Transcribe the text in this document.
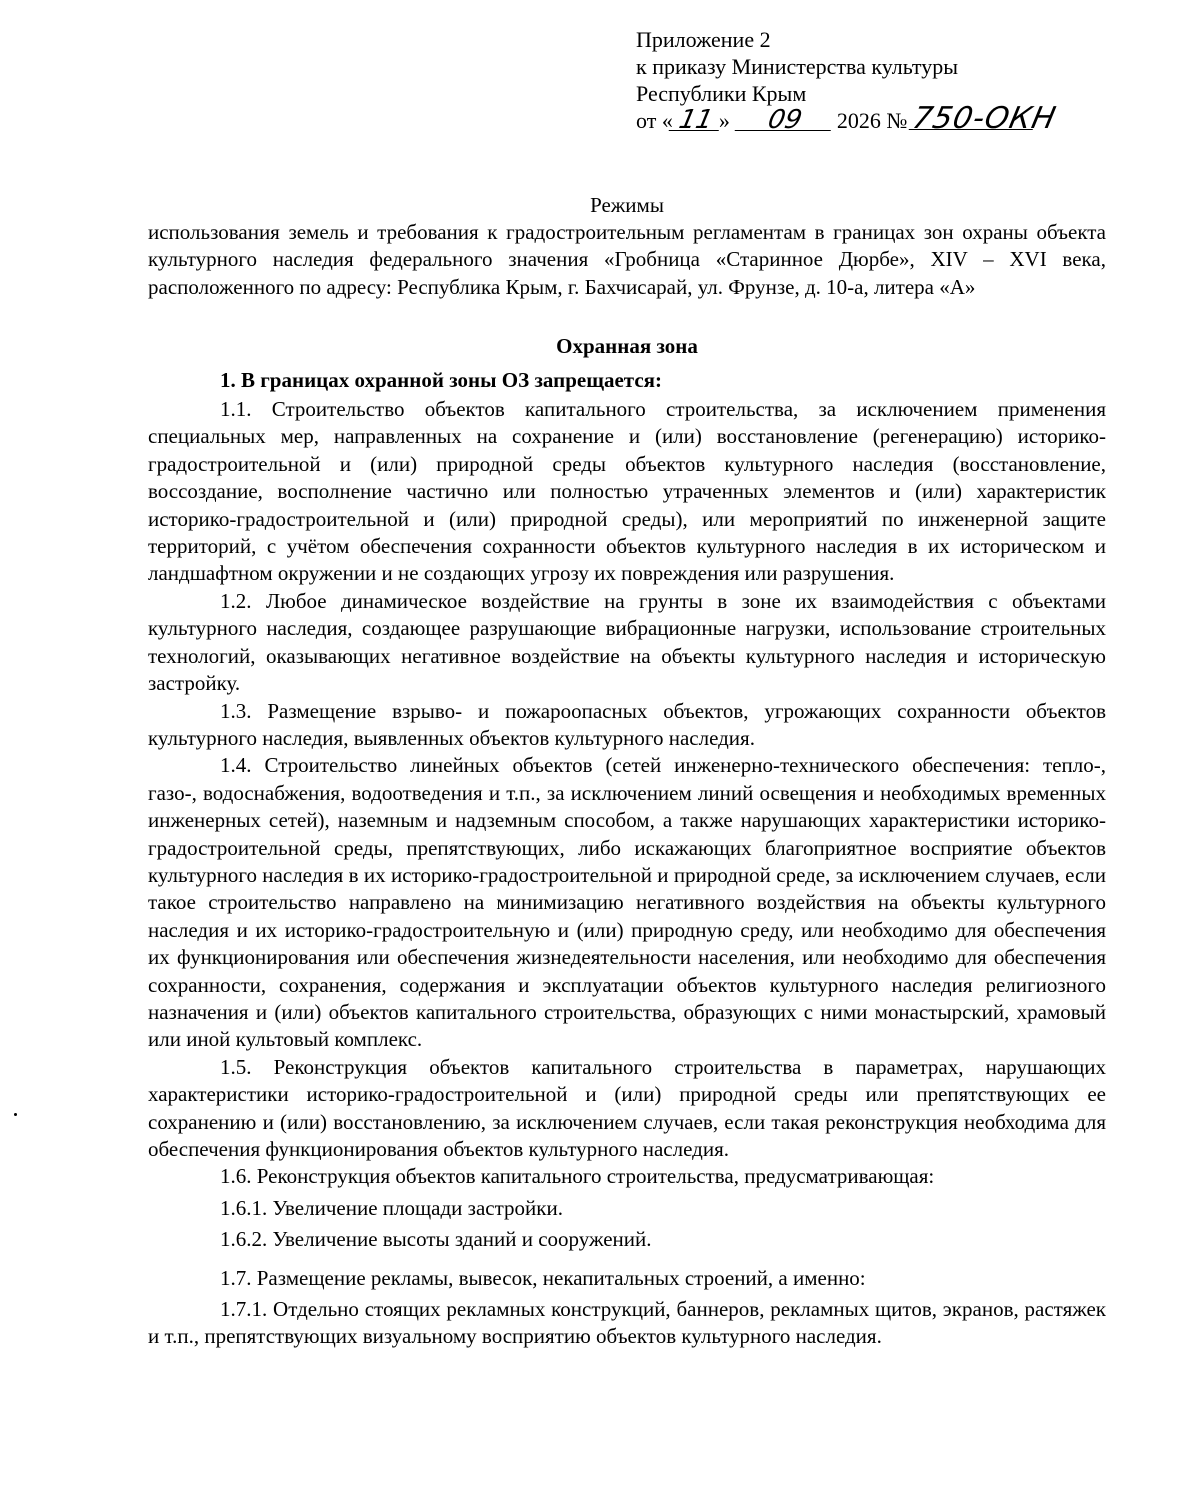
Приложение 2
к приказу Министерства культуры
Республики Крым
от « 11 » 09 2026 № 750-ОКН
Режимы
использования земель и требования к градостроительным регламентам в границах зон охраны объекта культурного наследия федерального значения «Гробница «Старинное Дюрбе», XIV – XVI века, расположенного по адресу: Республика Крым, г. Бахчисарай, ул. Фрунзе, д. 10-а, литера «А»
Охранная зона
1. В границах охранной зоны ОЗ запрещается:

1.1. Строительство объектов капитального строительства, за исключением применения специальных мер, направленных на сохранение и (или) восстановление (регенерацию) историко-градостроительной и (или) природной среды объектов культурного наследия (восстановление, воссоздание, восполнение частично или полностью утраченных элементов и (или) характеристик историко-градостроительной и (или) природной среды), или мероприятий по инженерной защите территорий, с учётом обеспечения сохранности объектов культурного наследия в их историческом и ландшафтном окружении и не создающих угрозу их повреждения или разрушения.

1.2. Любое динамическое воздействие на грунты в зоне их взаимодействия с объектами культурного наследия, создающее разрушающие вибрационные нагрузки, использование строительных технологий, оказывающих негативное воздействие на объекты культурного наследия и историческую застройку.

1.3. Размещение взрыво- и пожароопасных объектов, угрожающих сохранности объектов культурного наследия, выявленных объектов культурного наследия.

1.4. Строительство линейных объектов (сетей инженерно-технического обеспечения: тепло-, газо-, водоснабжения, водоотведения и т.п., за исключением линий освещения и необходимых временных инженерных сетей), наземным и надземным способом, а также нарушающих характеристики историко-градостроительной среды, препятствующих, либо искажающих благоприятное восприятие объектов культурного наследия в их историко-градостроительной и природной среде, за исключением случаев, если такое строительство направлено на минимизацию негативного воздействия на объекты культурного наследия и их историко-градостроительную и (или) природную среду, или необходимо для обеспечения их функционирования или обеспечения жизнедеятельности населения, или необходимо для обеспечения сохранности, сохранения, содержания и эксплуатации объектов культурного наследия религиозного назначения и (или) объектов капитального строительства, образующих с ними монастырский, храмовый или иной культовый комплекс.

1.5. Реконструкция объектов капитального строительства в параметрах, нарушающих характеристики историко-градостроительной и (или) природной среды или препятствующих ее сохранению и (или) восстановлению, за исключением случаев, если такая реконструкция необходима для обеспечения функционирования объектов культурного наследия.

1.6. Реконструкция объектов капитального строительства, предусматривающая:

1.6.1. Увеличение площади застройки.

1.6.2. Увеличение высоты зданий и сооружений.

1.7. Размещение рекламы, вывесок, некапитальных строений, а именно:

1.7.1. Отдельно стоящих рекламных конструкций, баннеров, рекламных щитов, экранов, растяжек и т.п., препятствующих визуальному восприятию объектов культурного наследия.
